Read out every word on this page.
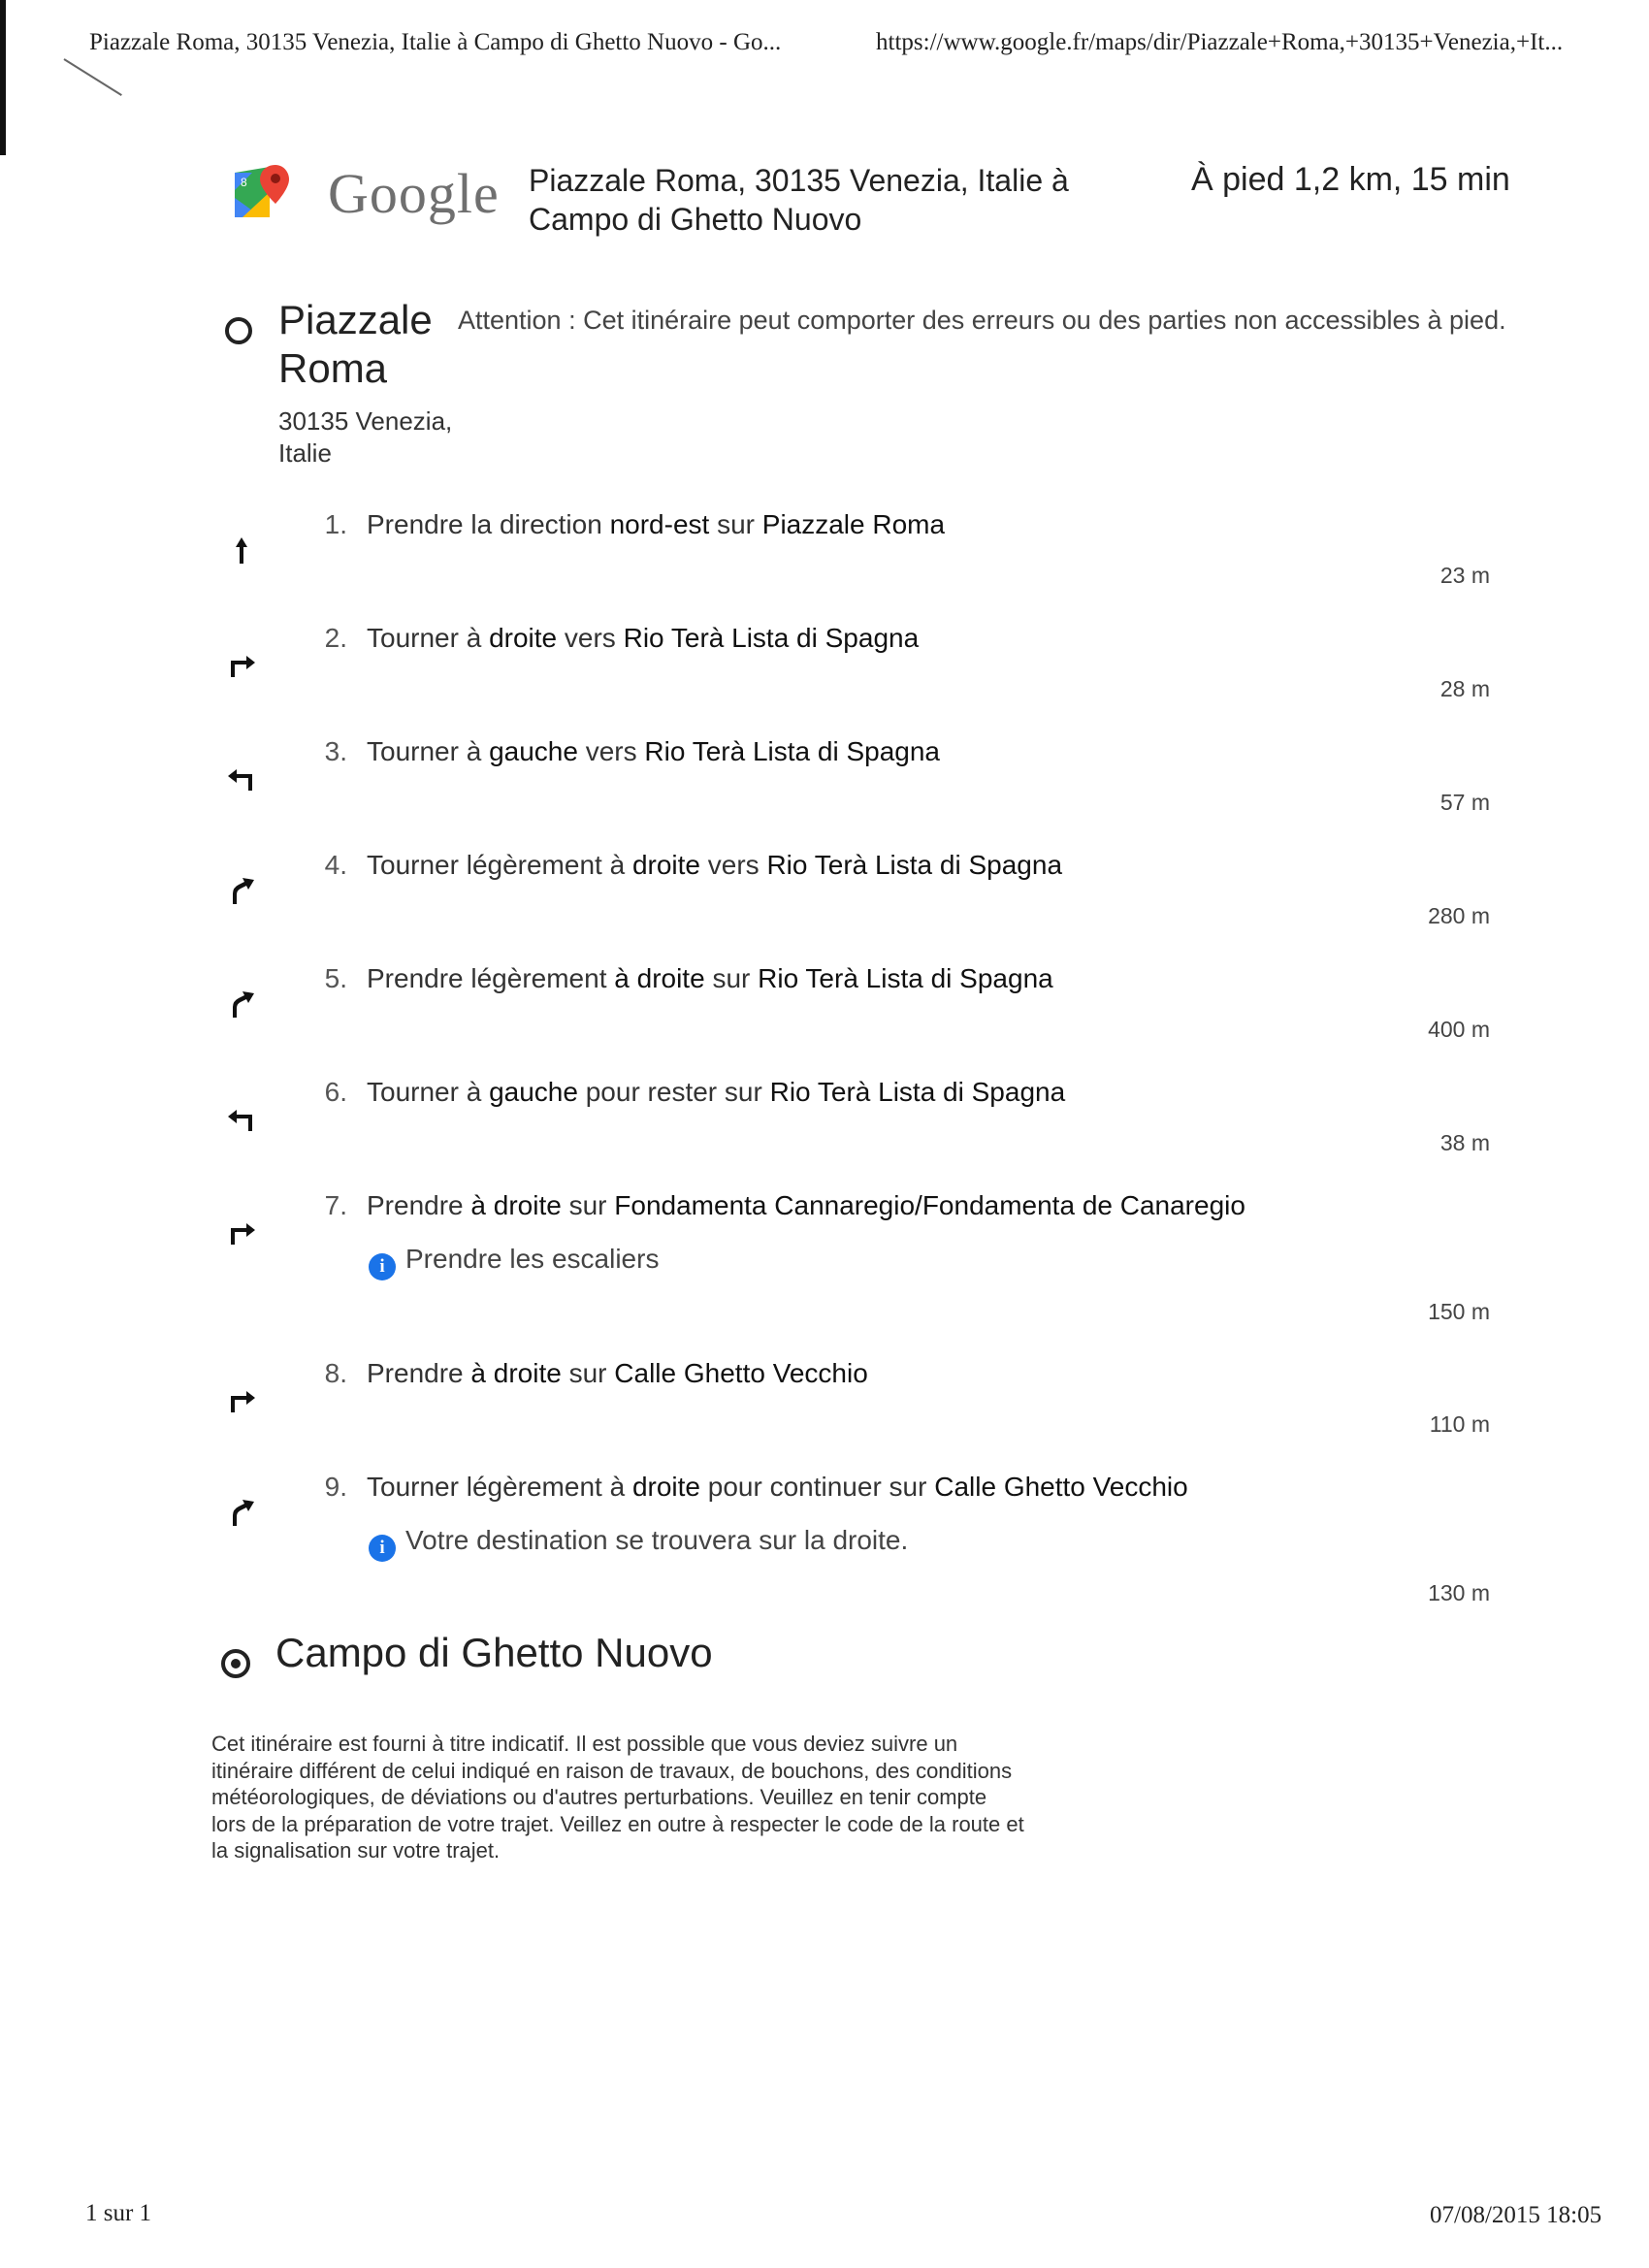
Piazzale Roma, 30135 Venezia, Italie à Campo di Ghetto Nuovo - Go...	https://www.google.fr/maps/dir/Piazzale+Roma,+30135+Venezia,+It...
8 Google Piazzale Roma, 30135 Venezia, Italie à Campo di Ghetto Nuovo
À pied 1,2 km, 15 min
Piazzale Roma
30135 Venezia, Italie
Attention : Cet itinéraire peut comporter des erreurs ou des parties non accessibles à pied.
1. Prendre la direction nord-est sur Piazzale Roma
23 m
2. Tourner à droite vers Rio Terà Lista di Spagna
28 m
3. Tourner à gauche vers Rio Terà Lista di Spagna
57 m
4. Tourner légèrement à droite vers Rio Terà Lista di Spagna
280 m
5. Prendre légèrement à droite sur Rio Terà Lista di Spagna
400 m
6. Tourner à gauche pour rester sur Rio Terà Lista di Spagna
38 m
7. Prendre à droite sur Fondamenta Cannaregio/Fondamenta de Canaregio
i Prendre les escaliers
150 m
8. Prendre à droite sur Calle Ghetto Vecchio
110 m
9. Tourner légèrement à droite pour continuer sur Calle Ghetto Vecchio
i Votre destination se trouvera sur la droite.
130 m
Campo di Ghetto Nuovo
Cet itinéraire est fourni à titre indicatif. Il est possible que vous deviez suivre un itinéraire différent de celui indiqué en raison de travaux, de bouchons, des conditions météorologiques, de déviations ou d'autres perturbations. Veuillez en tenir compte lors de la préparation de votre trajet. Veillez en outre à respecter le code de la route et la signalisation sur votre trajet.
1 sur 1	07/08/2015 18:05
